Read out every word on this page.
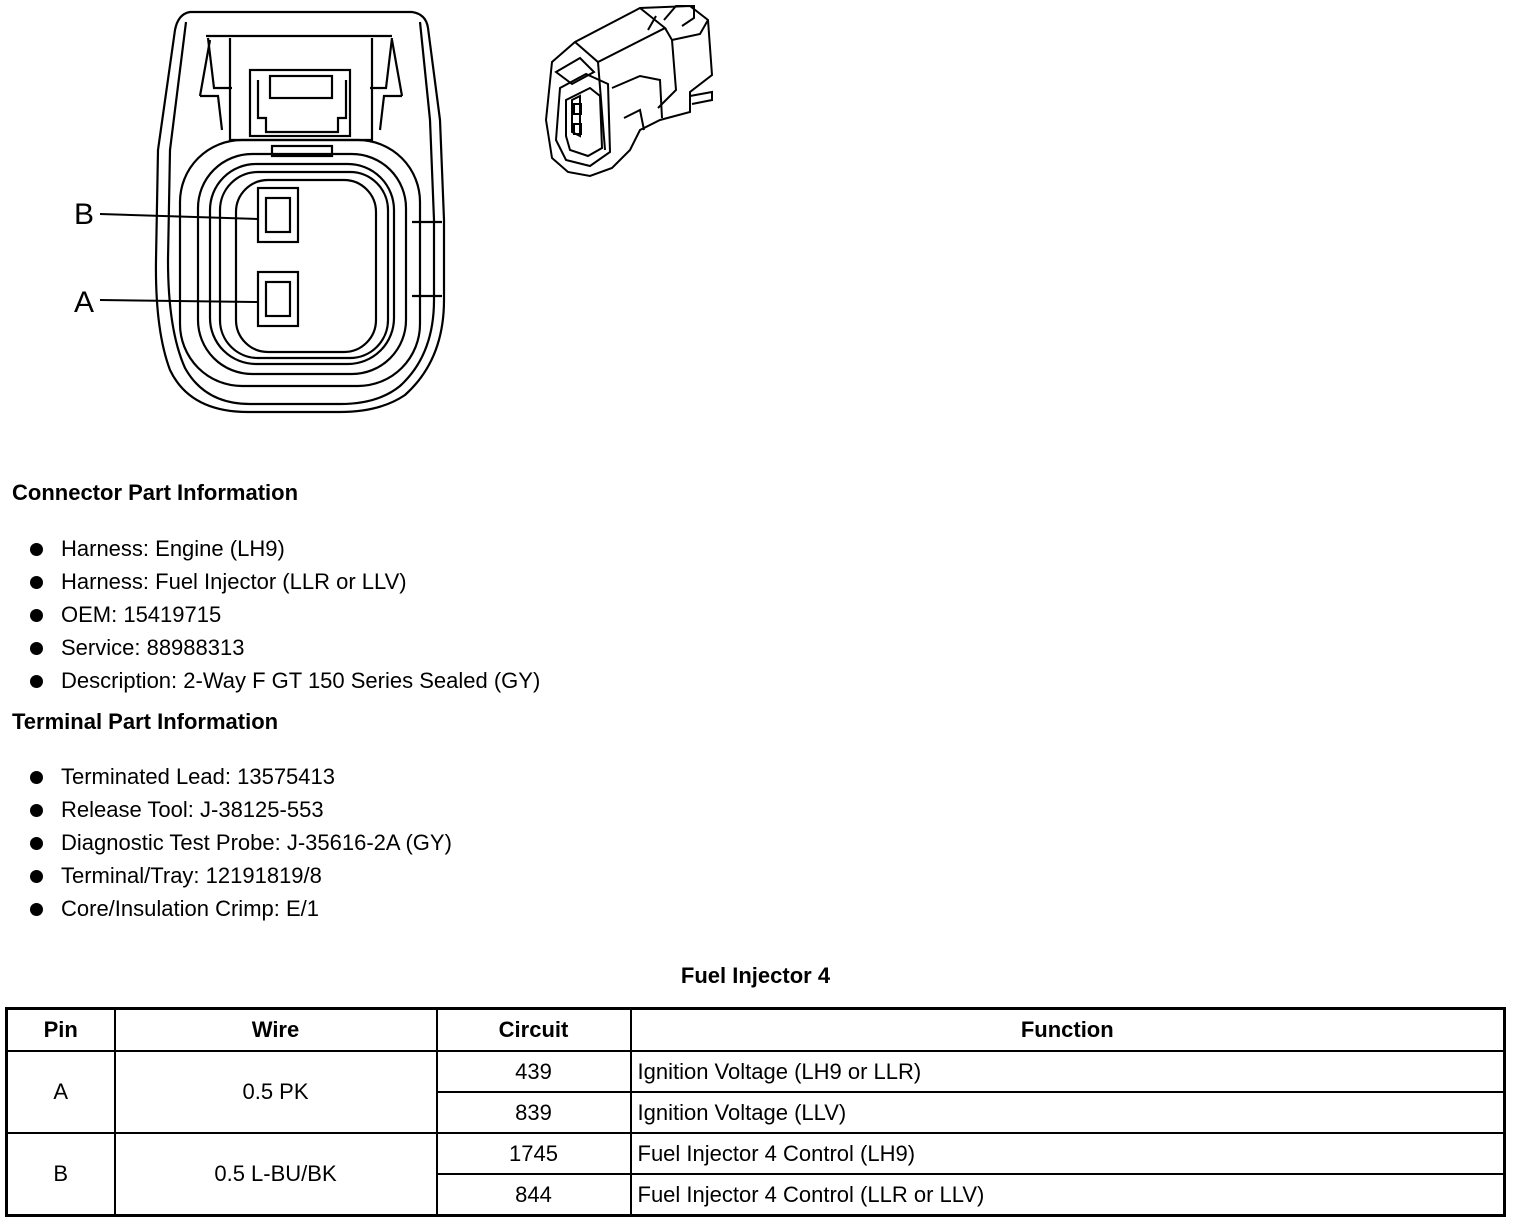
B
A
Connector Part Information
Harness: Engine (LH9)
Harness: Fuel Injector (LLR or LLV)
OEM: 15419715
Service: 88988313
Description: 2-Way F GT 150 Series Sealed (GY)
Terminal Part Information
Terminated Lead: 13575413
Release Tool: J-38125-553
Diagnostic Test Probe: J-35616-2A (GY)
Terminal/Tray: 12191819/8
Core/Insulation Crimp: E/1
Fuel Injector 4
Pin	Wire	Circuit	Function
A	0.5 PK	439	Ignition Voltage (LH9 or LLR)
		839	Ignition Voltage (LLV)
B	0.5 L-BU/BK	1745	Fuel Injector 4 Control (LH9)
		844	Fuel Injector 4 Control (LLR or LLV)
